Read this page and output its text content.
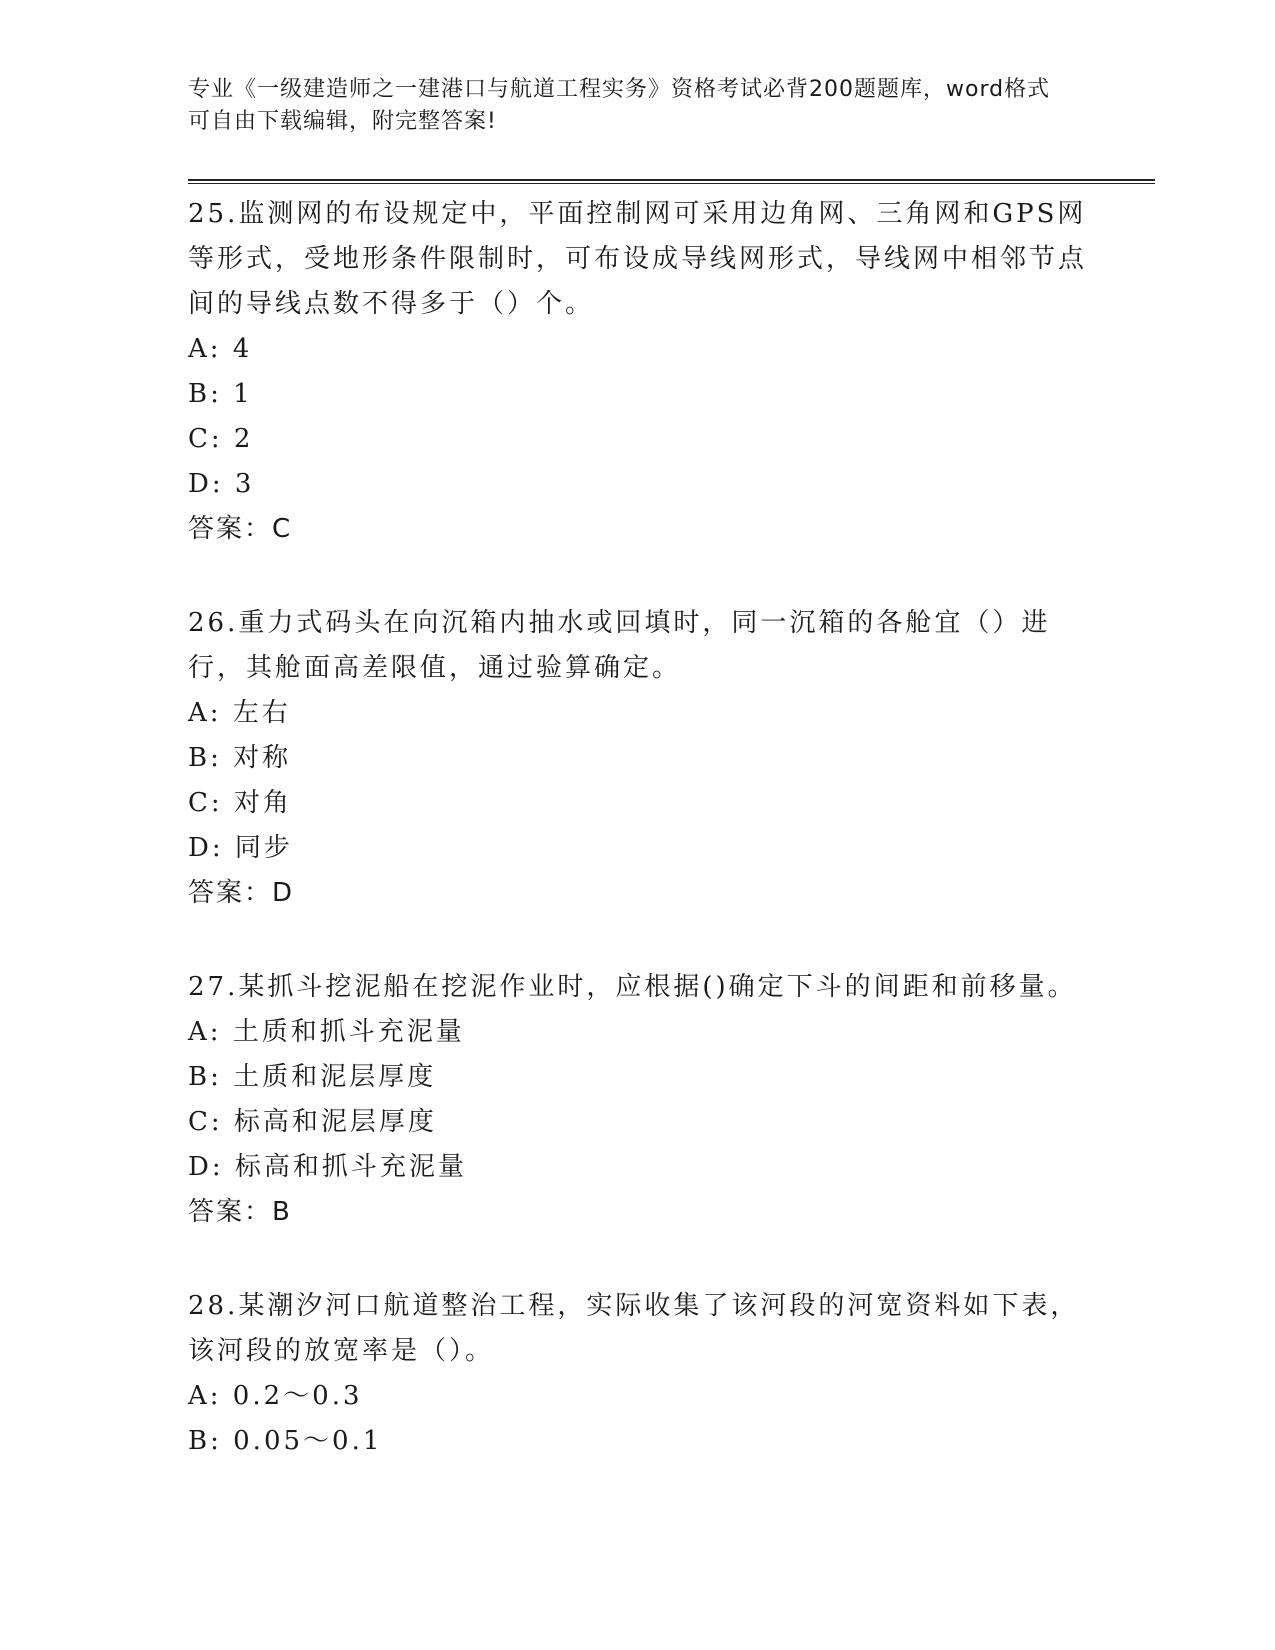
专业《一级建造师之一建港口与航道工程实务》资格考试必背200题题库，word格式可自由下载编辑，附完整答案!

25.监测网的布设规定中，平面控制网可采用边角网、三角网和GPS网等形式，受地形条件限制时，可布设成导线网形式，导线网中相邻节点间的导线点数不得多于（）个。

A: 4

B: 1

C: 2

D: 3

答案：C

26.重力式码头在向沉箱内抽水或回填时，同一沉箱的各舱宜（）进行，其舱面高差限值，通过验算确定。

A: 左右

B: 对称

C: 对角

D: 同步

答案：D

27.某抓斗挖泥船在挖泥作业时，应根据()确定下斗的间距和前移量。

A: 土质和抓斗充泥量

B: 土质和泥层厚度

C: 标高和泥层厚度

D: 标高和抓斗充泥量

答案：B

28.某潮汐河口航道整治工程，实际收集了该河段的河宽资料如下表，该河段的放宽率是（）。

A: 0.2～0.3

B: 0.05～0.1
